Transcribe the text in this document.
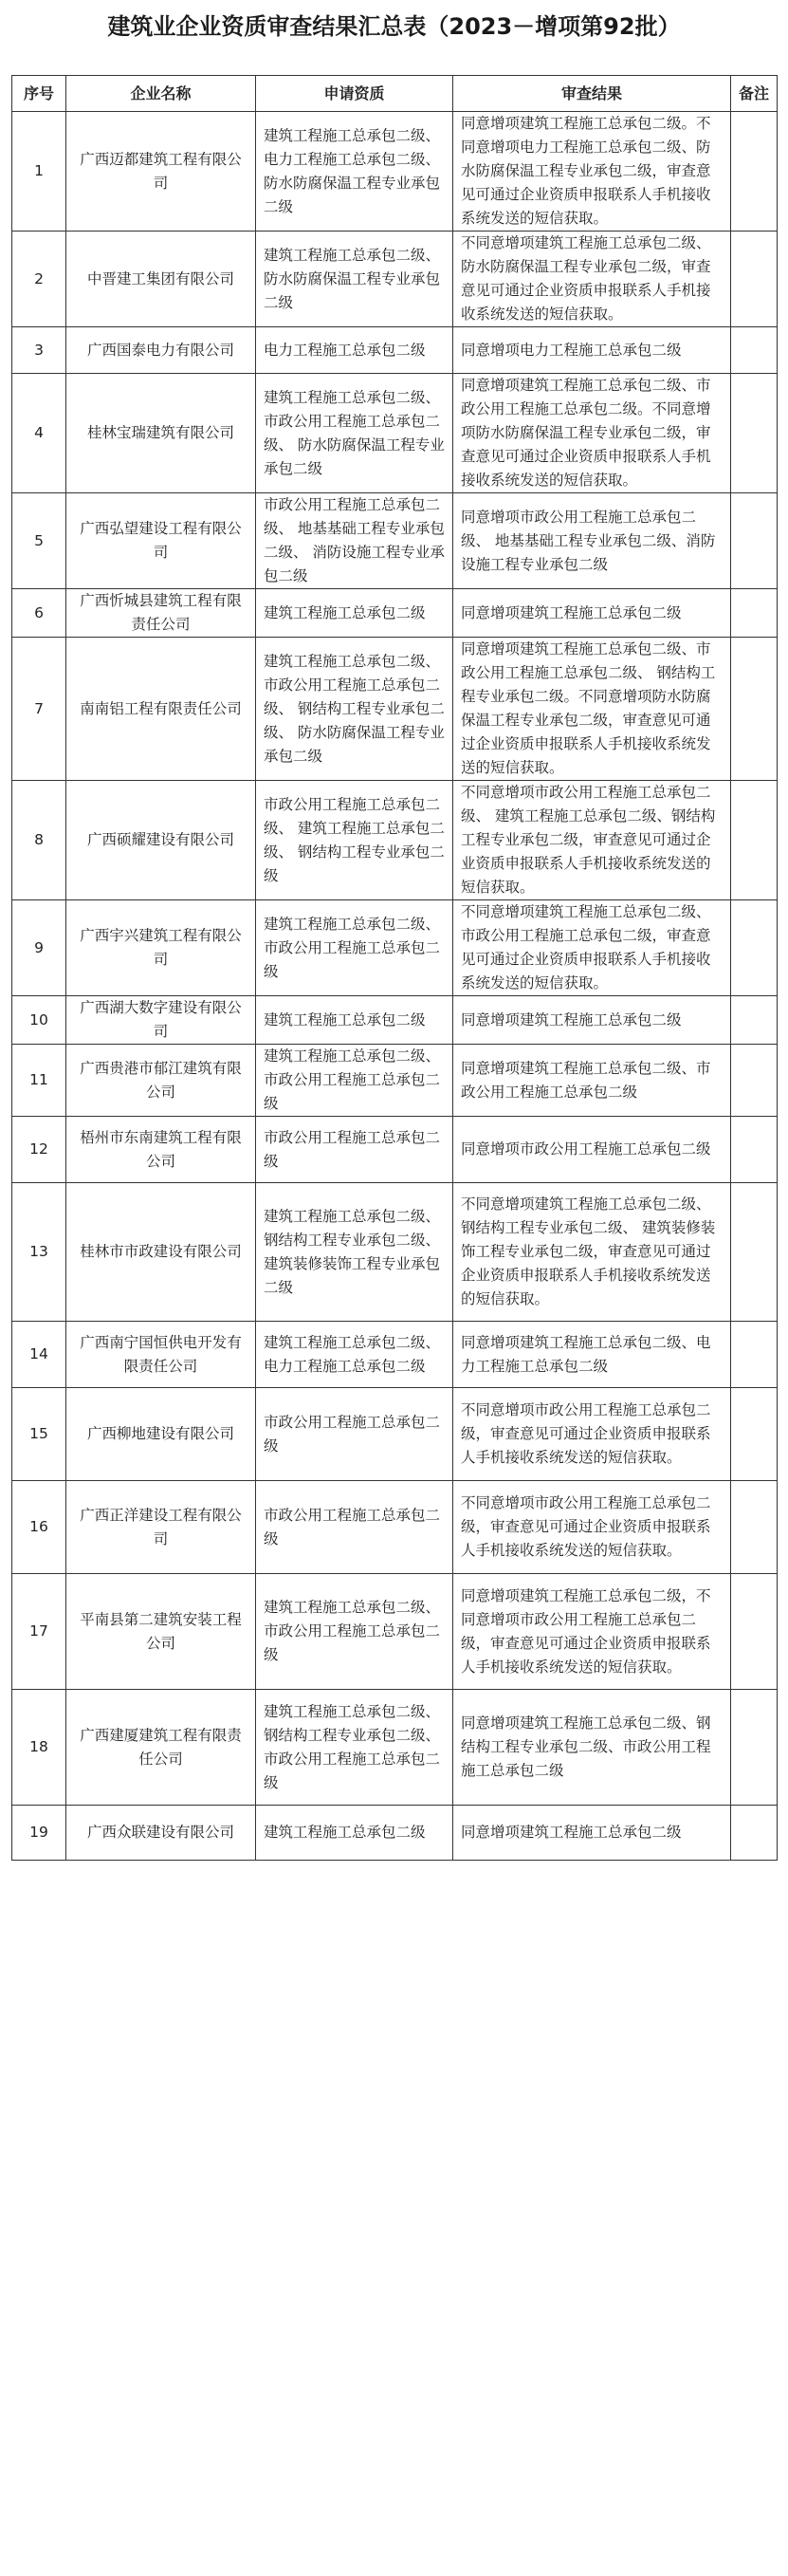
建筑业企业资质审查结果汇总表（2023－增项第92批）
序号	企业名称	申请资质	审查结果	备注
1	广西迈都建筑工程有限公司	建筑工程施工总承包二级、电力工程施工总承包二级、防水防腐保温工程专业承包二级	同意增项建筑工程施工总承包二级。不同意增项电力工程施工总承包二级、防水防腐保温工程专业承包二级，审查意见可通过企业资质申报联系人手机接收系统发送的短信获取。	
2	中晋建工集团有限公司	建筑工程施工总承包二级、防水防腐保温工程专业承包二级	不同意增项建筑工程施工总承包二级、防水防腐保温工程专业承包二级，审查意见可通过企业资质申报联系人手机接收系统发送的短信获取。	
3	广西国泰电力有限公司	电力工程施工总承包二级	同意增项电力工程施工总承包二级	
4	桂林宝瑞建筑有限公司	建筑工程施工总承包二级、 市政公用工程施工总承包二级、 防水防腐保温工程专业承包二级	同意增项建筑工程施工总承包二级、市政公用工程施工总承包二级。不同意增项防水防腐保温工程专业承包二级，审查意见可通过企业资质申报联系人手机接收系统发送的短信获取。	
5	广西弘望建设工程有限公司	市政公用工程施工总承包二级、 地基基础工程专业承包二级、 消防设施工程专业承包二级	同意增项市政公用工程施工总承包二级、 地基基础工程专业承包二级、消防设施工程专业承包二级	
6	广西忻城县建筑工程有限责任公司	建筑工程施工总承包二级	同意增项建筑工程施工总承包二级	
7	南南铝工程有限责任公司	建筑工程施工总承包二级、 市政公用工程施工总承包二级、 钢结构工程专业承包二级、 防水防腐保温工程专业承包二级	同意增项建筑工程施工总承包二级、市政公用工程施工总承包二级、 钢结构工程专业承包二级。不同意增项防水防腐保温工程专业承包二级，审查意见可通过企业资质申报联系人手机接收系统发送的短信获取。	
8	广西硕耀建设有限公司	市政公用工程施工总承包二级、 建筑工程施工总承包二级、 钢结构工程专业承包二级	不同意增项市政公用工程施工总承包二级、 建筑工程施工总承包二级、钢结构工程专业承包二级，审查意见可通过企业资质申报联系人手机接收系统发送的短信获取。	
9	广西宇兴建筑工程有限公司	建筑工程施工总承包二级、 市政公用工程施工总承包二级	不同意增项建筑工程施工总承包二级、 市政公用工程施工总承包二级，审查意见可通过企业资质申报联系人手机接收系统发送的短信获取。	
10	广西湖大数字建设有限公司	建筑工程施工总承包二级	同意增项建筑工程施工总承包二级	
11	广西贵港市郁江建筑有限公司	建筑工程施工总承包二级、市政公用工程施工总承包二级	同意增项建筑工程施工总承包二级、市政公用工程施工总承包二级	
12	梧州市东南建筑工程有限公司	市政公用工程施工总承包二级	同意增项市政公用工程施工总承包二级	
13	桂林市市政建设有限公司	建筑工程施工总承包二级、钢结构工程专业承包二级、 建筑装修装饰工程专业承包二级	不同意增项建筑工程施工总承包二级、钢结构工程专业承包二级、 建筑装修装饰工程专业承包二级，审查意见可通过企业资质申报联系人手机接收系统发送的短信获取。	
14	广西南宁国恒供电开发有限责任公司	建筑工程施工总承包二级、电力工程施工总承包二级	同意增项建筑工程施工总承包二级、电力工程施工总承包二级	
15	广西柳地建设有限公司	市政公用工程施工总承包二级	不同意增项市政公用工程施工总承包二级，审查意见可通过企业资质申报联系人手机接收系统发送的短信获取。	
16	广西正洋建设工程有限公司	市政公用工程施工总承包二级	不同意增项市政公用工程施工总承包二级，审查意见可通过企业资质申报联系人手机接收系统发送的短信获取。	
17	平南县第二建筑安装工程公司	建筑工程施工总承包二级、市政公用工程施工总承包二级	同意增项建筑工程施工总承包二级，不同意增项市政公用工程施工总承包二级，审查意见可通过企业资质申报联系人手机接收系统发送的短信获取。	
18	广西建厦建筑工程有限责任公司	建筑工程施工总承包二级、钢结构工程专业承包二级、市政公用工程施工总承包二级	同意增项建筑工程施工总承包二级、钢结构工程专业承包二级、市政公用工程施工总承包二级	
19	广西众联建设有限公司	建筑工程施工总承包二级	同意增项建筑工程施工总承包二级	
